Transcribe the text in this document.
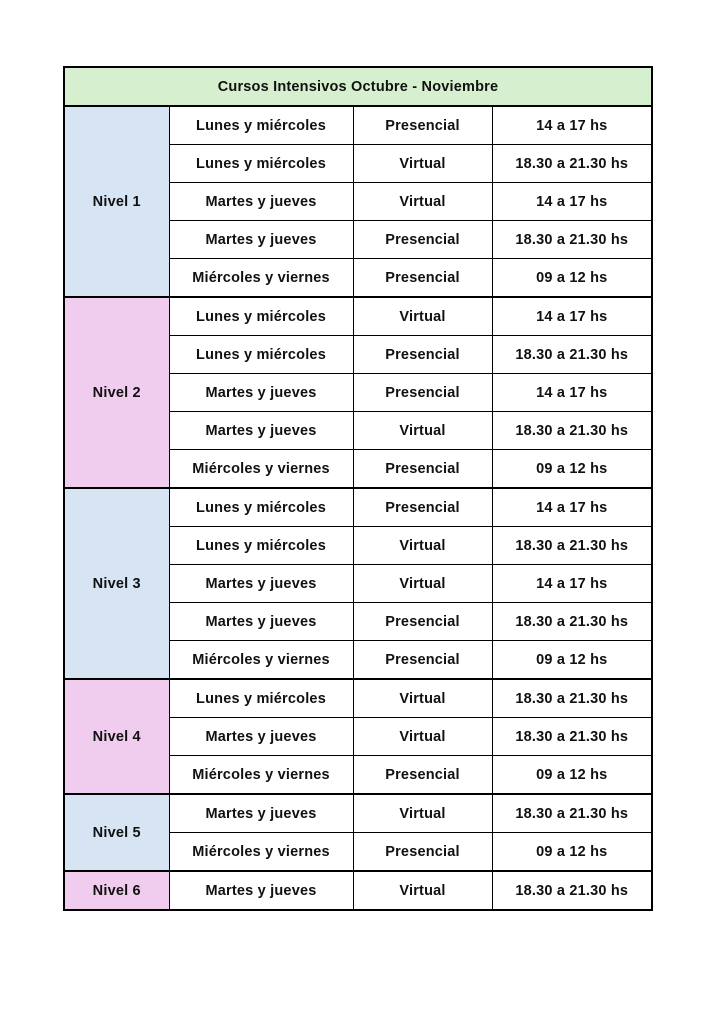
Cursos Intensivos Octubre - Noviembre			
Nivel 1	Lunes y miércoles	Presencial	14 a 17 hs
	Lunes y miércoles	Virtual	18.30 a 21.30 hs
	Martes y jueves	Virtual	14 a 17 hs
	Martes y jueves	Presencial	18.30 a 21.30 hs
	Miércoles y viernes	Presencial	09 a 12 hs
Nivel 2	Lunes y miércoles	Virtual	14 a 17 hs
	Lunes y miércoles	Presencial	18.30 a 21.30 hs
	Martes y jueves	Presencial	14 a 17 hs
	Martes y jueves	Virtual	18.30 a 21.30 hs
	Miércoles y viernes	Presencial	09 a 12 hs
Nivel 3	Lunes y miércoles	Presencial	14 a 17 hs
	Lunes y miércoles	Virtual	18.30 a 21.30 hs
	Martes y jueves	Virtual	14 a 17 hs
	Martes y jueves	Presencial	18.30 a 21.30 hs
	Miércoles y viernes	Presencial	09 a 12 hs
Nivel 4	Lunes y miércoles	Virtual	18.30 a 21.30 hs
	Martes y jueves	Virtual	18.30 a 21.30 hs
	Miércoles y viernes	Presencial	09 a 12 hs
Nivel 5	Martes y jueves	Virtual	18.30 a 21.30 hs
	Miércoles y viernes	Presencial	09 a 12 hs
Nivel 6	Martes y jueves	Virtual	18.30 a 21.30 hs
